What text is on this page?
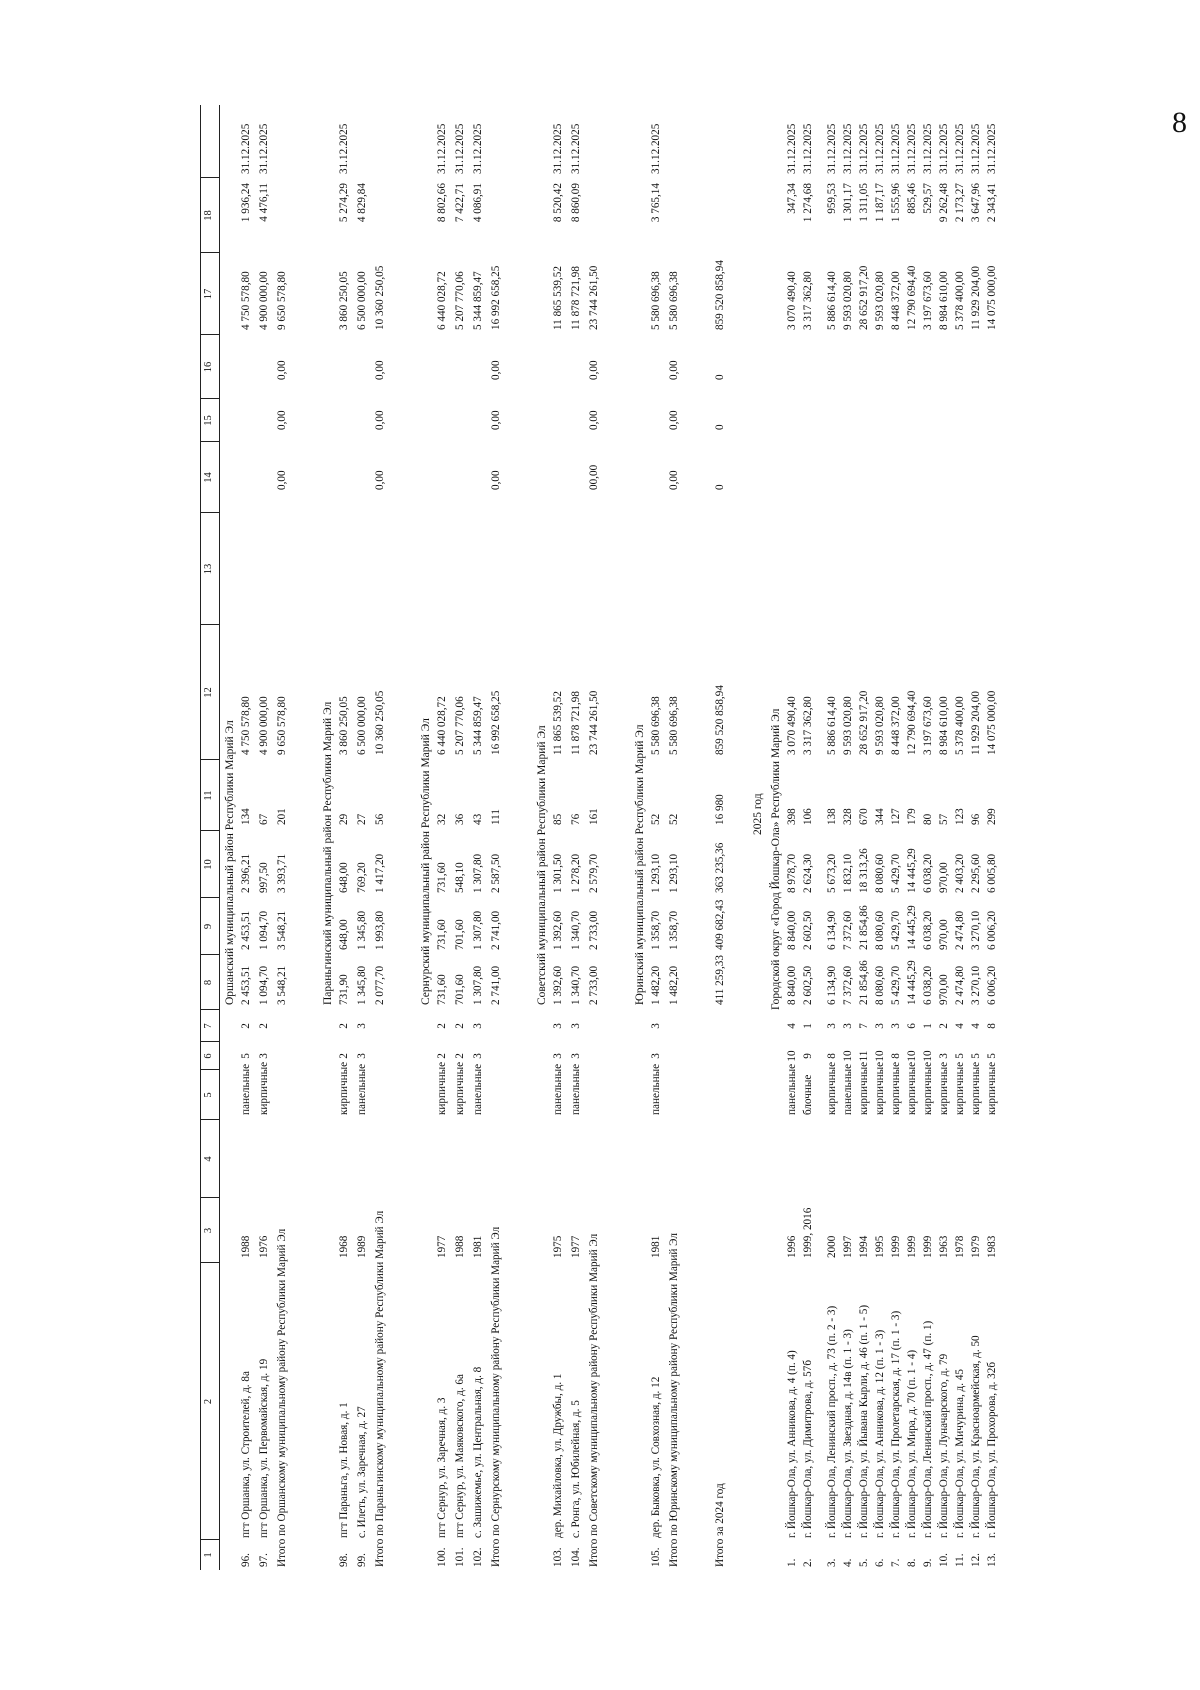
8
1
2
3
4
5
6
7
8
9
10
11
12
13
14
15
16
17
18
Оршанский муниципальный район Республики Марий Эл
96.
пгт Оршанка, ул. Строителей, д. 8а
1988
панельные
5
2
2 453,51
2 453,51
2 396,21
134
4 750 578,80
4 750 578,80
1 936,24
31.12.2025
97.
пгт Оршанка, ул. Первомайская, д. 19
1976
кирпичные
3
2
1 094,70
1 094,70
997,50
67
4 900 000,00
4 900 000,00
4 476,11
31.12.2025
Итого по Оршанскому муниципальному району Республики Марий Эл
3 548,21
3 548,21
3 393,71
201
9 650 578,80
0,00
0,00
0,00
9 650 578,80
Параньгинский муниципальный район Республики Марий Эл
98.
пгт Параньга, ул. Новая, д. 1
1968
кирпичные
2
2
731,90
648,00
648,00
29
3 860 250,05
3 860 250,05
5 274,29
31.12.2025
99.
с. Илеть, ул. Заречная, д. 27
1989
панельные
3
3
1 345,80
1 345,80
769,20
27
6 500 000,00
6 500 000,00
4 829,84
Итого по Параньгинскому муниципальному району Республики Марий Эл
2 077,70
1 993,80
1 417,20
56
10 360 250,05
0,00
0,00
0,00
10 360 250,05
Сернурский муниципальный район Республики Марий Эл
100.
пгт Сернур, ул. Заречная, д. 3
1977
кирпичные
2
2
731,60
731,60
731,60
32
6 440 028,72
6 440 028,72
8 802,66
31.12.2025
101.
пгт Сернур, ул. Маяковского, д. 6а
1988
кирпичные
2
2
701,60
701,60
548,10
36
5 207 770,06
5 207 770,06
7 422,71
31.12.2025
102.
с. Зашижемье, ул. Центральная, д. 8
1981
панельные
3
3
1 307,80
1 307,80
1 307,80
43
5 344 859,47
5 344 859,47
4 086,91
31.12.2025
Итого по Сернурскому муниципальному району Республики Марий Эл
2 741,00
2 741,00
2 587,50
111
16 992 658,25
0,00
0,00
0,00
16 992 658,25
Советский муниципальный район Республики Марий Эл
103.
дер. Михайловка, ул. Дружбы, д. 1
1975
панельные
3
3
1 392,60
1 392,60
1 301,50
85
11 865 539,52
11 865 539,52
8 520,42
31.12.2025
104.
с. Ронга, ул. Юбилейная, д. 5
1977
панельные
3
3
1 340,70
1 340,70
1 278,20
76
11 878 721,98
11 878 721,98
8 860,09
31.12.2025
Итого по Советскому муниципальному району Республики Марий Эл
2 733,00
2 733,00
2 579,70
161
23 744 261,50
00,00
0,00
0,00
23 744 261,50
Юринский муниципальный район Республики Марий Эл
105.
дер. Быковка, ул. Совхозная, д. 12
1981
панельные
3
3
1 482,20
1 358,70
1 293,10
52
5 580 696,38
5 580 696,38
3 765,14
31.12.2025
Итого по Юринскому муниципальному району Республики Марий Эл
1 482,20
1 358,70
1 293,10
52
5 580 696,38
0,00
0,00
0,00
5 580 696,38
Итого за 2024 год
411 259,33
409 682,43
363 235,36
16 980
859 520 858,94
0
0
0
859 520 858,94
2025 год Городской округ «Город Йошкар-Ола» Республики Марий Эл
1.
г. Йошкар-Ола, ул. Анникова, д. 4 (п. 4)
1996
панельные
10
4
8 840,00
8 840,00
8 978,70
398
3 070 490,40
3 070 490,40
347,34
31.12.2025
2.
г. Йошкар-Ола, ул. Димитрова, д. 57б
1999, 2016
блочные
9
1
2 602,50
2 602,50
2 624,30
106
3 317 362,80
3 317 362,80
1 274,68
31.12.2025
3.
г. Йошкар-Ола, Ленинский просп., д. 73 (п. 2 - 3)
2000
кирпичные
8
3
6 134,90
6 134,90
5 673,20
138
5 886 614,40
5 886 614,40
959,53
31.12.2025
4.
г. Йошкар-Ола, ул. Звездная, д. 14в (п. 1 - 3)
1997
панельные
10
3
7 372,60
7 372,60
1 832,10
328
9 593 020,80
9 593 020,80
1 301,17
31.12.2025
5.
г. Йошкар-Ола, ул. Йывана Кырли, д. 46 (п. 1 - 5)
1994
кирпичные
11
7
21 854,86
21 854,86
18 313,26
670
28 652 917,20
28 652 917,20
1 311,05
31.12.2025
6.
г. Йошкар-Ола, ул. Анникова, д. 12 (п. 1 - 3)
1995
кирпичные
10
3
8 080,60
8 080,60
8 080,60
344
9 593 020,80
9 593 020,80
1 187,17
31.12.2025
7.
г. Йошкар-Ола, ул. Пролетарская, д. 17 (п. 1 - 3)
1999
кирпичные
8
3
5 429,70
5 429,70
5 429,70
127
8 448 372,00
8 448 372,00
1 555,96
31.12.2025
8.
г. Йошкар-Ола, ул. Мира, д. 70 (п. 1 - 4)
1999
кирпичные
10
6
14 445,29
14 445,29
14 445,29
179
12 790 694,40
12 790 694,40
885,46
31.12.2025
9.
г. Йошкар-Ола, Ленинский просп., д. 47 (п. 1)
1999
кирпичные
10
1
6 038,20
6 038,20
6 038,20
80
3 197 673,60
3 197 673,60
529,57
31.12.2025
10.
г. Йошкар-Ола, ул. Луначарского, д. 79
1963
кирпичные
3
2
970,00
970,00
970,00
57
8 984 610,00
8 984 610,00
9 262,48
31.12.2025
11.
г. Йошкар-Ола, ул. Мичурина, д. 45
1978
кирпичные
5
4
2 474,80
2 474,80
2 403,20
123
5 378 400,00
5 378 400,00
2 173,27
31.12.2025
12.
г. Йошкар-Ола, ул. Красноармейская, д. 50
1979
кирпичные
5
4
3 270,10
3 270,10
2 295,60
96
11 929 204,00
11 929 204,00
3 647,96
31.12.2025
13.
г. Йошкар-Ола, ул. Прохорова, д. 32б
1983
кирпичные
5
8
6 006,20
6 006,20
6 005,80
299
14 075 000,00
14 075 000,00
2 343,41
31.12.2025
